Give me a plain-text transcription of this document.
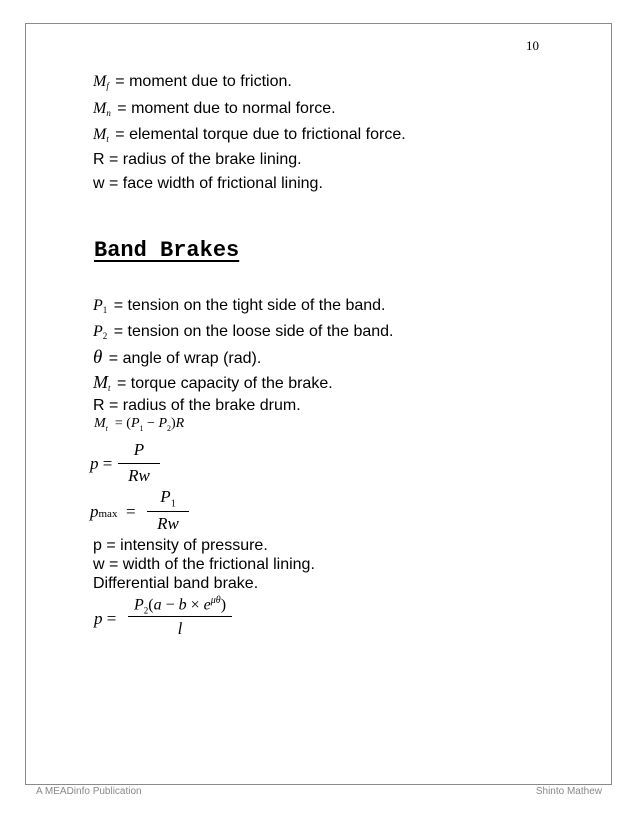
10
$M_f$ = moment due to friction.
$M_n$ = moment due to normal force.
$M_t$ = elemental torque due to frictional force.
R = radius of the brake lining.
w = face width of frictional lining.
Band Brakes
$P_1$ = tension on the tight side of the band.
$P_2$ = tension on the loose side of the band.
θ = angle of wrap (rad).
$M_t$ = torque capacity of the brake.
R = radius of the brake drum.
$M_t = (P_1 - P_2)R$
p =
P
Rw
pmax  =
$P_1$
Rw
p = intensity of pressure.
w = width of the frictional lining.
Differential band brake.
p =
$P_2(a - b \times e^{\mu\theta})$
l
A MEADinfo Publication	Shinto Mathew
